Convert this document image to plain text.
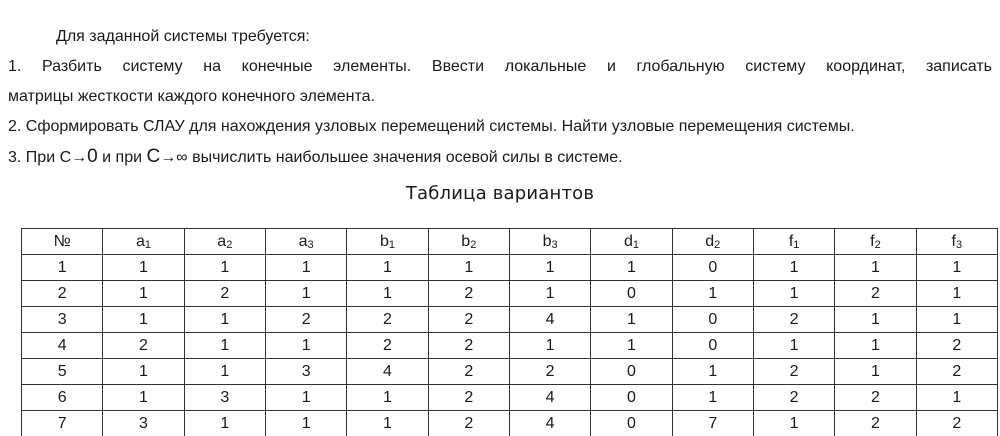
Для заданной системы требуется:

1. Разбить систему на конечные элементы. Ввести локальные и глобальную систему координат, записать

матрицы жесткости каждого конечного элемента.

2. Сформировать СЛАУ для нахождения узловых перемещений системы. Найти узловые перемещения системы.

3. При С→0 и при С→∞ вычислить наибольшее значения осевой силы в системе.

Таблица вариантов
№	$a_1$	$a_2$	$a_3$	$b_1$	$b_2$	$b_3$	$d_1$	$d_2$	$f_1$	$f_2$	$f_3$
1	1	1	1	1	1	1	1	0	1	1	1
2	1	2	1	1	2	1	0	1	1	2	1
3	1	1	2	2	2	4	1	0	2	1	1
4	2	1	1	2	2	1	1	0	1	1	2
5	1	1	3	4	2	2	0	1	2	1	2
6	1	3	1	1	2	4	0	1	2	2	1
7	3	1	1	1	2	4	0	7	1	2	2
